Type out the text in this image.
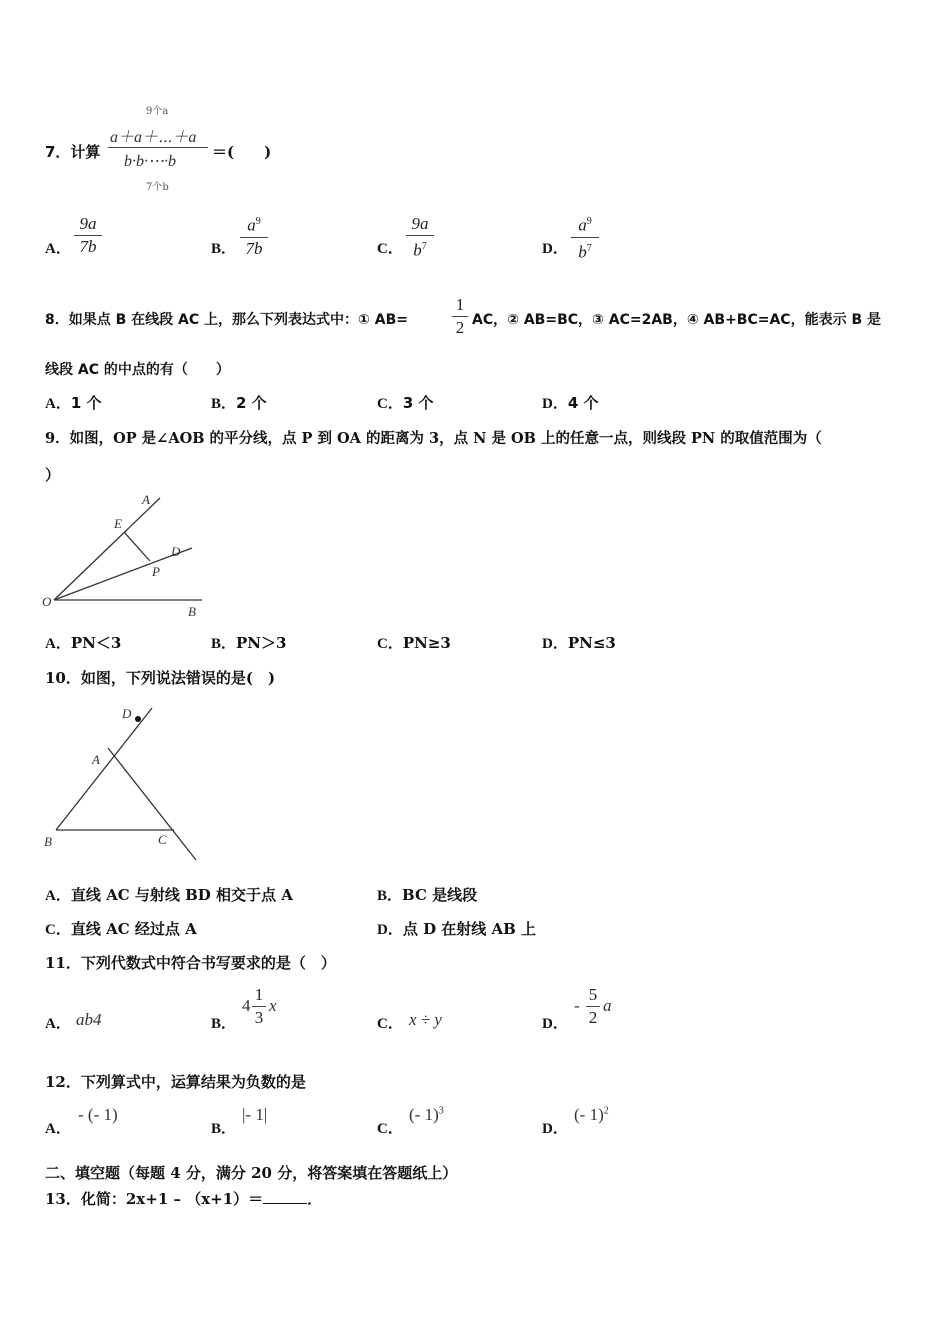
7．计算
9个a
a＋a＋⋯＋a
b·b·⋯·b
7个b
＝(　　)
A．
9a
7b	B．
$a^9$
7b	C．
9a
$b^7$	D．
$a^9$
$b^7$
8．如果点 B 在线段 AC 上，那么下列表达式中：① AB=
1
2 AC，② AB=BC，③ AC=2AB，④ AB+BC=AC，能表示 B 是
线段 AC 的中点的有（　　）
A．1 个	B．2 个	C．3 个	D．4 个
9．如图，OP 是∠AOB 的平分线，点 P 到 OA 的距离为 3，点 N 是 OB 上的任意一点，则线段 PN 的取值范围为（
）
A
E
D
P
O
B
A．PN＜3	B．PN＞3	C．PN≥3	D．PN≤3
10．如图，下列说法错误的是(　)
D
A
B	C
A．直线 AC 与射线 BD 相交于点 A	B．BC 是线段
C．直线 AC 经过点 A	D．点 D 在射线 AB 上
11．下列代数式中符合书写要求的是（　）
A． ab4	B．
4
1
3
x
C． x ÷ y	D．
-
5
2
a
12．下列算式中，运算结果为负数的是
A．
- (- 1)
B．
|- 1|
C．
(- 1)$^3$
D．
(- 1)$^2$
二、填空题（每题 4 分，满分 20 分，将答案填在答题纸上）
13．化简：2x+1 – （x+1）＝	．
